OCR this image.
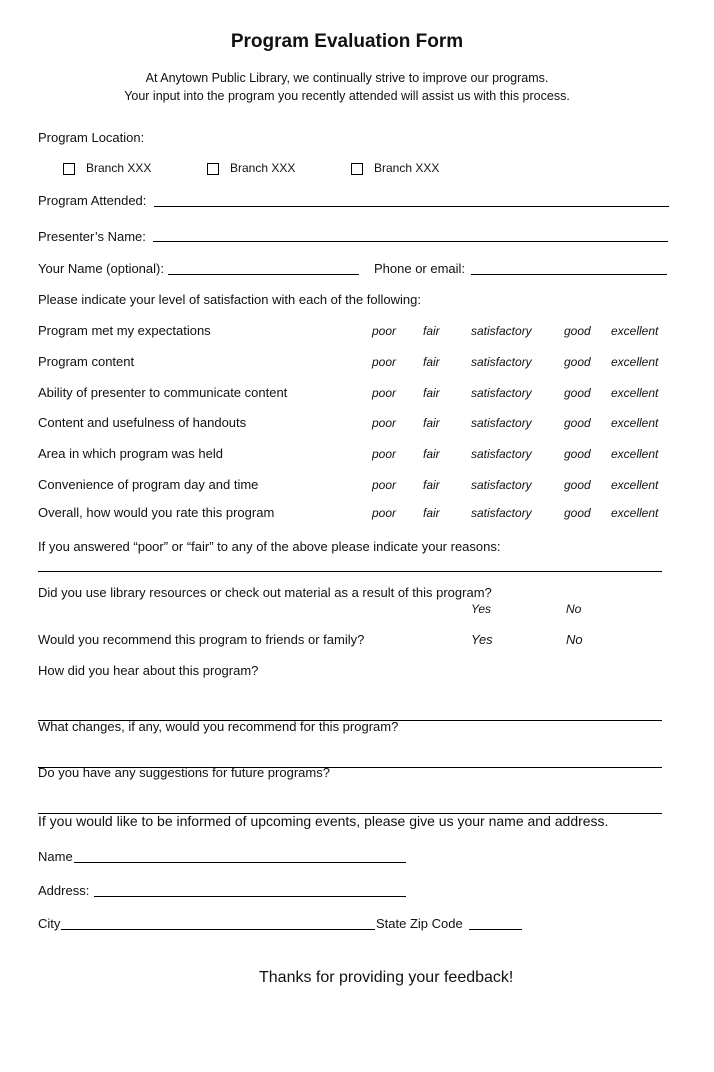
Program Evaluation Form
At Anytown Public Library, we continually strive to improve our programs.
Your input into the program you recently attended will assist us with this process.
Program Location:
Branch XXX	Branch XXX	Branch XXX
Program Attended:
Presenter’s Name:
Your Name (optional):	Phone or email:
Please indicate your level of satisfaction with each of the following:
Program met my expectations	poor fair	satisfactory	good excellent
Program content	poor fair	satisfactory	good excellent
Ability of presenter to communicate content	poor fair	satisfactory	good excellent
Content and usefulness of handouts	poor fair	satisfactory	good excellent
Area in which program was held	poor fair	satisfactory	good excellent
Convenience of program day and time	poor fair	satisfactory	good excellent
Overall, how would you rate this program	poor fair	satisfactory	good excellent
If you answered “poor” or “fair” to any of the above please indicate your reasons:
Did you use library resources or check out material as a result of this program?
Yes	No
Would you recommend this program to friends or family?	Yes	No
How did you hear about this program?
What changes, if any, would you recommend for this program?
Do you have any suggestions for future programs?
If you would like to be informed of upcoming events, please give us your name and address.
Name
Address:
City	State Zip Code
Thanks for providing your feedback!
